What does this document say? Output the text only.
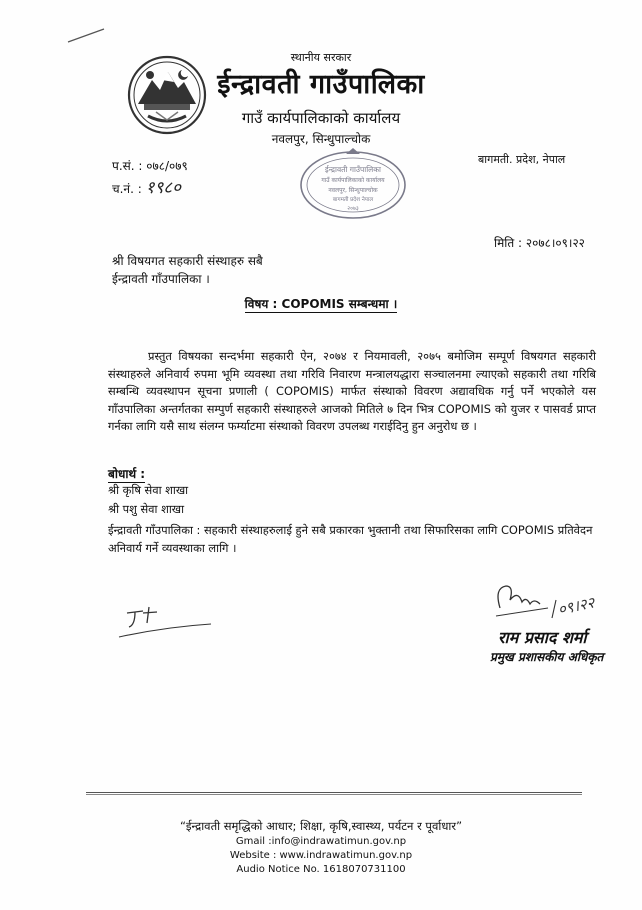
स्थानीय सरकार
ईन्द्रावती गाउँपालिका
गाउँ कार्यपालिकाको कार्यालय
नवलपुर, सिन्धुपाल्चोक
प.सं. : ०७८/०७९
च.नं. : १९८०
बागमती. प्रदेश, नेपाल
ईन्द्रावती गाउँपालिका
गाउँ कार्यपालिकाको कार्यालय
नवलपुर, सिन्धुपाल्चोक
बागमती प्रदेश नेपाल
२०७३
मिति : २०७८।०९।२२
श्री विषयगत सहकारी संस्थाहरु सबै
ईन्द्रावती गाँउपालिका ।
विषय : COPOMIS सम्बन्धमा ।
प्रस्तुत विषयका सन्दर्भमा सहकारी ऐन, २०७४ र नियमावली, २०७५ बमोजिम सम्पूर्ण विषयगत सहकारी संस्थाहरुले अनिवार्य रुपमा भूमि व्यवस्था तथा गरिवि निवारण मन्त्रालयद्धारा सञ्चालनमा ल्याएको सहकारी तथा गरिबि सम्बन्धि व्यवस्थापन सूचना प्रणाली ( COPOMIS) मार्फत संस्थाको विवरण अद्यावधिक गर्नु पर्ने भएकोले यस गाँउपालिका अन्तर्गतका सम्पुर्ण सहकारी संस्थाहरुले आजको मितिले ७ दिन भित्र COPOMIS को युजर र पासवर्ड प्राप्त गर्नका लागि यसै साथ संलग्न फर्म्याटमा संस्थाको विवरण उपलब्ध गराईदिनु हुन अनुरोध छ ।
बोधार्थ :
श्री कृषि सेवा शाखा
श्री पशु सेवा शाखा
ईन्द्रावती गाँउपालिका : सहकारी संस्थाहरुलाई हुने सबै प्रकारका भुक्तानी तथा सिफारिसका लागि COPOMIS प्रतिवेदन अनिवार्य गर्ने व्यवस्थाका लागि ।
०९।२२
राम प्रसाद शर्मा
प्रमुख प्रशासकीय अधिकृत
“ईन्द्रावती समृद्धिको आधार; शिक्षा, कृषि,स्वास्थ्य, पर्यटन र पूर्वाधार”
Gmail :info@indrawatimun.gov.np
Website : www.indrawatimun.gov.np
Audio Notice No. 1618070731100
